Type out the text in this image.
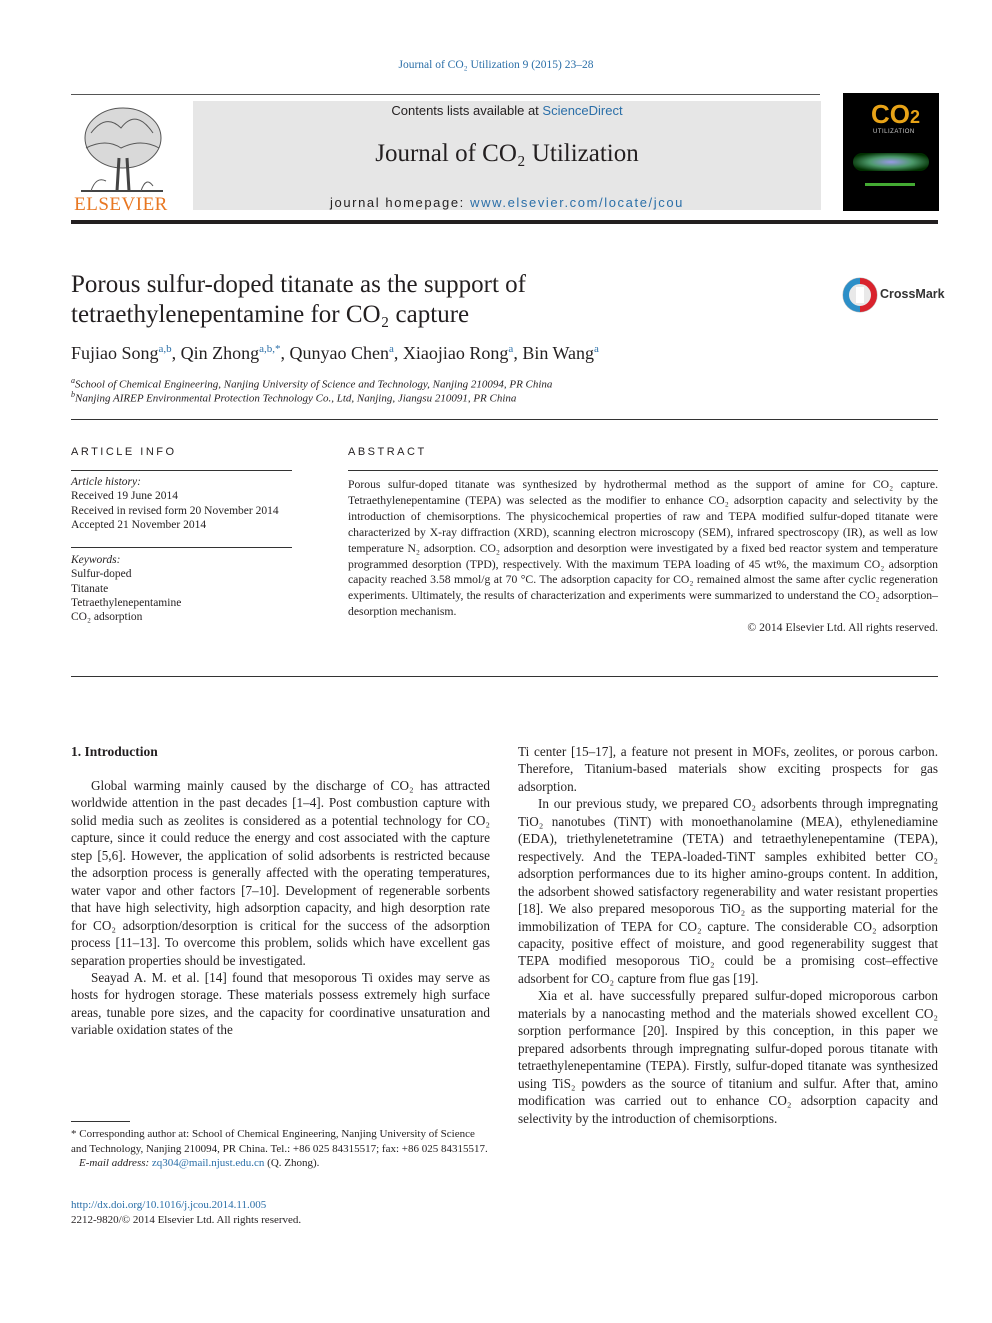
Journal of CO₂ Utilization 9 (2015) 23–28
ELSEVIER
Contents lists available at ScienceDirect
Journal of CO₂ Utilization
journal homepage: www.elsevier.com/locate/jcou
CO2
UTILIZATION
Porous sulfur-doped titanate as the support of
tetraethylenepentamine for CO₂ capture
CrossMark
Fujiao Song$^{a,b}$, Qin Zhong$^{a,b,*}$, Qunyao Chen$^a$, Xiaojiao Rong$^a$, Bin Wang$^a$
$^a$School of Chemical Engineering, Nanjing University of Science and Technology, Nanjing 210094, PR China
$^b$Nanjing AIREP Environmental Protection Technology Co., Ltd, Nanjing, Jiangsu 210091, PR China
ARTICLE INFO
Article history:
Received 19 June 2014
Received in revised form 20 November 2014
Accepted 21 November 2014
Keywords:
Sulfur-doped
Titanate
Tetraethylenepentamine
CO₂ adsorption
ABSTRACT
Porous sulfur-doped titanate was synthesized by hydrothermal method as the support of amine for CO₂ capture. Tetraethylenepentamine (TEPA) was selected as the modifier to enhance CO₂ adsorption capacity and selectivity by the introduction of chemisorptions. The physicochemical properties of raw and TEPA modified sulfur-doped titanate were characterized by X-ray diffraction (XRD), scanning electron microscopy (SEM), infrared spectroscopy (IR), as well as low temperature N₂ adsorption. CO₂ adsorption and desorption were investigated by a fixed bed reactor system and temperature programmed desorption (TPD), respectively. With the maximum TEPA loading of 45 wt%, the maximum CO₂ adsorption capacity reached 3.58 mmol/g at 70 °C. The adsorption capacity for CO₂ remained almost the same after cyclic regeneration experiments. Ultimately, the results of characterization and experiments were summarized to understand the CO₂ adsorption–desorption mechanism.
© 2014 Elsevier Ltd. All rights reserved.
1. Introduction

Global warming mainly caused by the discharge of CO₂ has attracted worldwide attention in the past decades [1–4]. Post combustion capture with solid media such as zeolites is considered as a potential technology for CO₂ capture, since it could reduce the energy and cost associated with the capture step [5,6]. However, the application of solid adsorbents is restricted because the adsorption process is generally affected with the operating temperatures, water vapor and other factors [7–10]. Development of regenerable sorbents that have high selectivity, high adsorption capacity, and high desorption rate for CO₂ adsorption/desorption is critical for the success of the adsorption process [11–13]. To overcome this problem, solids which have excellent gas separation properties should be investigated.

Seayad A. M. et al. [14] found that mesoporous Ti oxides may serve as hosts for hydrogen storage. These materials possess extremely high surface areas, tunable pore sizes, and the capacity for coordinative unsaturation and variable oxidation states of the

Ti center [15–17], a feature not present in MOFs, zeolites, or porous carbon. Therefore, Titanium-based materials show exciting prospects for gas adsorption.

In our previous study, we prepared CO₂ adsorbents through impregnating TiO₂ nanotubes (TiNT) with monoethanolamine (MEA), ethylenediamine (EDA), triethylenetetramine (TETA) and tetraethylenepentamine (TEPA), respectively. And the TEPA-loaded-TiNT samples exhibited better CO₂ adsorption performances due to its higher amino-groups content. In addition, the adsorbent showed satisfactory regenerability and water resistant properties [18]. We also prepared mesoporous TiO₂ as the supporting material for the immobilization of TEPA for CO₂ capture. The considerable CO₂ adsorption capacity, positive effect of moisture, and good regenerability suggest that TEPA modified mesoporous TiO₂ could be a promising cost–effective adsorbent for CO₂ capture from flue gas [19].

Xia et al. have successfully prepared sulfur-doped microporous carbon materials by a nanocasting method and the materials showed excellent CO₂ sorption performance [20]. Inspired by this conception, in this paper we prepared adsorbents through impregnating sulfur-doped porous titanate with tetraethylenepentamine (TEPA). Firstly, sulfur-doped titanate was synthesized using TiS₂ powders as the source of titanium and sulfur. After that, amino modification was carried out to enhance CO₂ adsorption capacity and selectivity by the introduction of chemisorptions.

* Corresponding author at: School of Chemical Engineering, Nanjing University of Science and Technology, Nanjing 210094, PR China. Tel.: +86 025 84315517; fax: +86 025 84315517.
E-mail address: zq304@mail.njust.edu.cn (Q. Zhong).
http://dx.doi.org/10.1016/j.jcou.2014.11.005
2212-9820/© 2014 Elsevier Ltd. All rights reserved.
